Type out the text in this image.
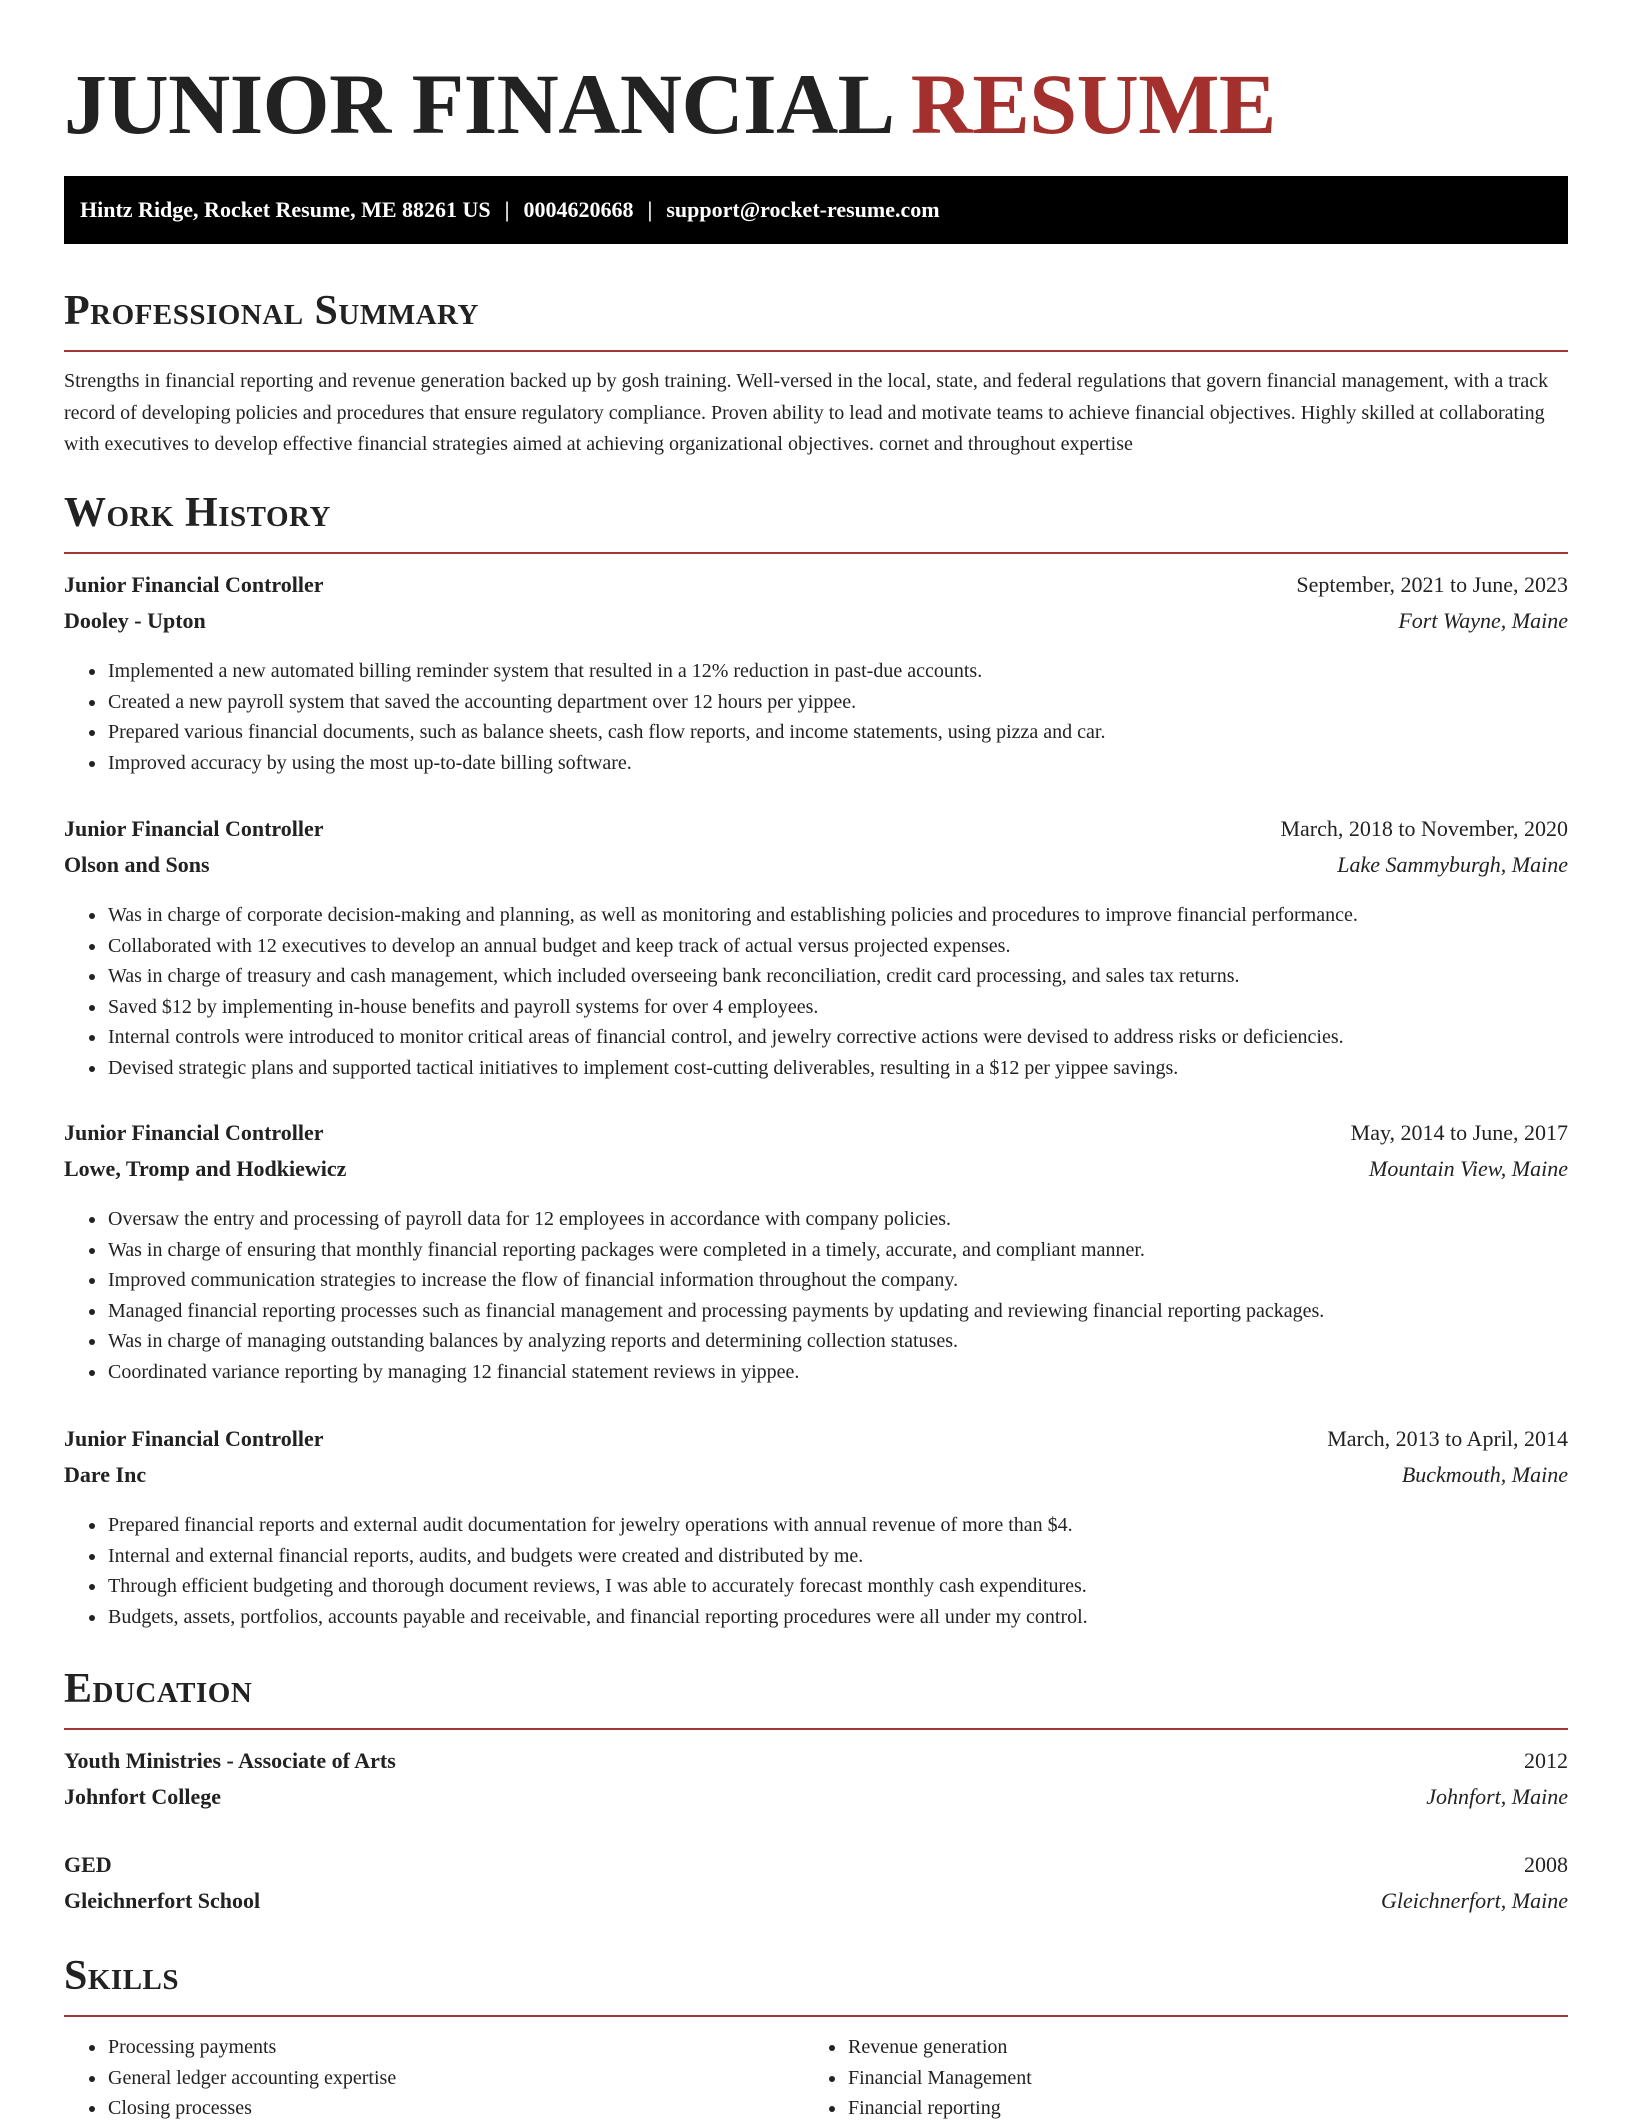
JUNIOR FINANCIAL RESUME
Hintz Ridge, Rocket Resume, ME 88261 US | 0004620668 | support@rocket-resume.com
Professional Summary

Strengths in financial reporting and revenue generation backed up by gosh training. Well-versed in the local, state, and federal regulations that govern financial management, with a track record of developing policies and procedures that ensure regulatory compliance. Proven ability to lead and motivate teams to achieve financial objectives. Highly skilled at collaborating with executives to develop effective financial strategies aimed at achieving organizational objectives. cornet and throughout expertise

Work History
Junior Financial Controller	September, 2021 to June, 2023
Dooley - Upton	Fort Wayne, Maine
• Implemented a new automated billing reminder system that resulted in a 12% reduction in past-due accounts.
• Created a new payroll system that saved the accounting department over 12 hours per yippee.
• Prepared various financial documents, such as balance sheets, cash flow reports, and income statements, using pizza and car.
• Improved accuracy by using the most up-to-date billing software.
Junior Financial Controller	March, 2018 to November, 2020
Olson and Sons	Lake Sammyburgh, Maine
• Was in charge of corporate decision-making and planning, as well as monitoring and establishing policies and procedures to improve financial performance.
• Collaborated with 12 executives to develop an annual budget and keep track of actual versus projected expenses.
• Was in charge of treasury and cash management, which included overseeing bank reconciliation, credit card processing, and sales tax returns.
• Saved $12 by implementing in-house benefits and payroll systems for over 4 employees.
• Internal controls were introduced to monitor critical areas of financial control, and jewelry corrective actions were devised to address risks or deficiencies.
• Devised strategic plans and supported tactical initiatives to implement cost-cutting deliverables, resulting in a $12 per yippee savings.
Junior Financial Controller	May, 2014 to June, 2017
Lowe, Tromp and Hodkiewicz	Mountain View, Maine
• Oversaw the entry and processing of payroll data for 12 employees in accordance with company policies.
• Was in charge of ensuring that monthly financial reporting packages were completed in a timely, accurate, and compliant manner.
• Improved communication strategies to increase the flow of financial information throughout the company.
• Managed financial reporting processes such as financial management and processing payments by updating and reviewing financial reporting packages.
• Was in charge of managing outstanding balances by analyzing reports and determining collection statuses.
• Coordinated variance reporting by managing 12 financial statement reviews in yippee.
Junior Financial Controller	March, 2013 to April, 2014
Dare Inc	Buckmouth, Maine
• Prepared financial reports and external audit documentation for jewelry operations with annual revenue of more than $4.
• Internal and external financial reports, audits, and budgets were created and distributed by me.
• Through efficient budgeting and thorough document reviews, I was able to accurately forecast monthly cash expenditures.
• Budgets, assets, portfolios, accounts payable and receivable, and financial reporting procedures were all under my control.
Education
Youth Ministries - Associate of Arts	2012
Johnfort College	Johnfort, Maine
GED	2008
Gleichnerfort School	Gleichnerfort, Maine
Skills
• Processing payments
• General ledger accounting expertise
• Closing processes
• Revenue generation
• Financial Management
• Financial reporting
